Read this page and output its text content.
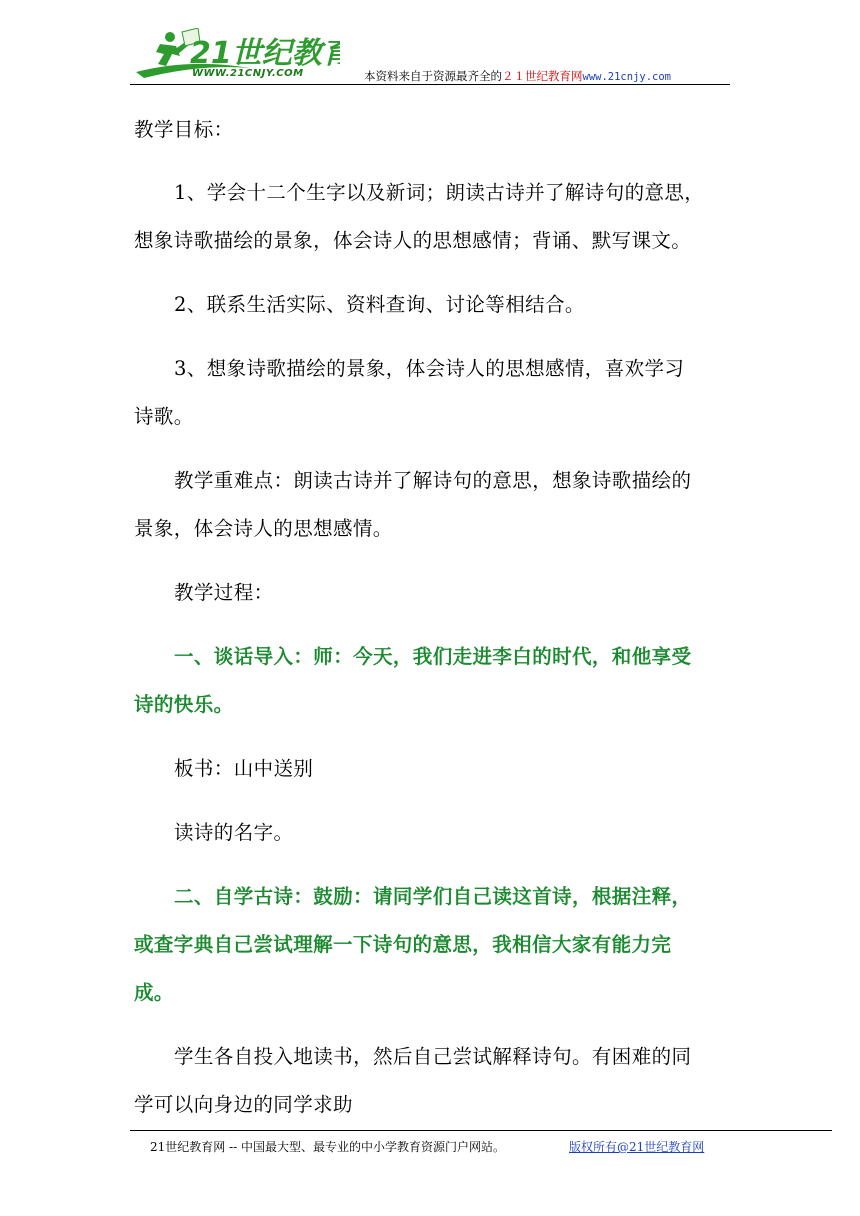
21世纪教育
WWW.21CNJY.COM	本资料来自于资源最齐全的２１世纪教育网www.21cnjy.com
教学目标：
1、学会十二个生字以及新词；朗读古诗并了解诗句的意思，
想象诗歌描绘的景象，体会诗人的思想感情；背诵、默写课文。
2、联系生活实际、资料查询、讨论等相结合。
3、想象诗歌描绘的景象，体会诗人的思想感情，喜欢学习
诗歌。
教学重难点：朗读古诗并了解诗句的意思，想象诗歌描绘的
景象，体会诗人的思想感情。
教学过程：
一、谈话导入：师：今天，我们走进李白的时代，和他享受
诗的快乐。
板书：山中送别
读诗的名字。
二、自学古诗：鼓励：请同学们自己读这首诗，根据注释，
或查字典自己尝试理解一下诗句的意思，我相信大家有能力完
成。
学生各自投入地读书，然后自己尝试解释诗句。有困难的同
学可以向身边的同学求助
21世纪教育网 -- 中国最大型、最专业的中小学教育资源门户网站。	版权所有@21世纪教育网
